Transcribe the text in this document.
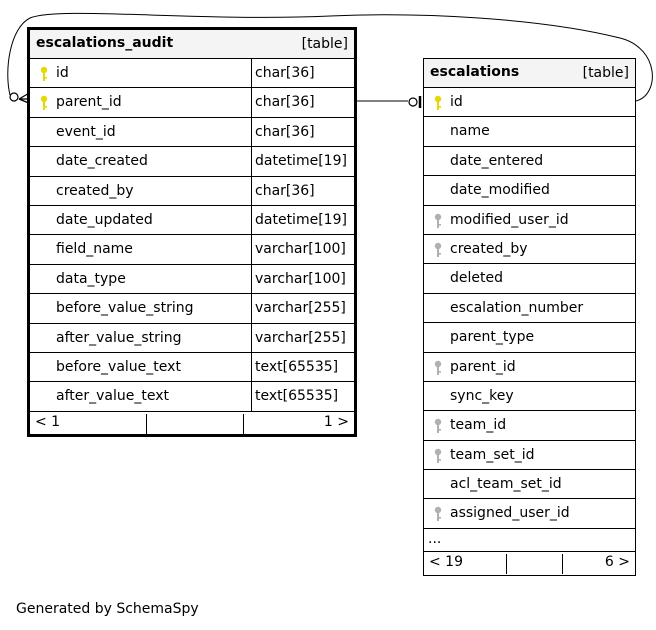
escalations_audit	[table]
id	char[36]
parent_id	char[36]
event_id	char[36]
date_created	datetime[19]
created_by	char[36]
date_updated	datetime[19]
field_name	varchar[100]
data_type	varchar[100]
before_value_string	varchar[255]
after_value_string	varchar[255]
before_value_text	text[65535]
after_value_text	text[65535]
< 1	1 >
escalations	[table]
id
name
date_entered
date_modified
modified_user_id
created_by
deleted
escalation_number
parent_type
parent_id
sync_key
team_id
team_set_id
acl_team_set_id
assigned_user_id
...
< 19	6 >
Generated by SchemaSpy
